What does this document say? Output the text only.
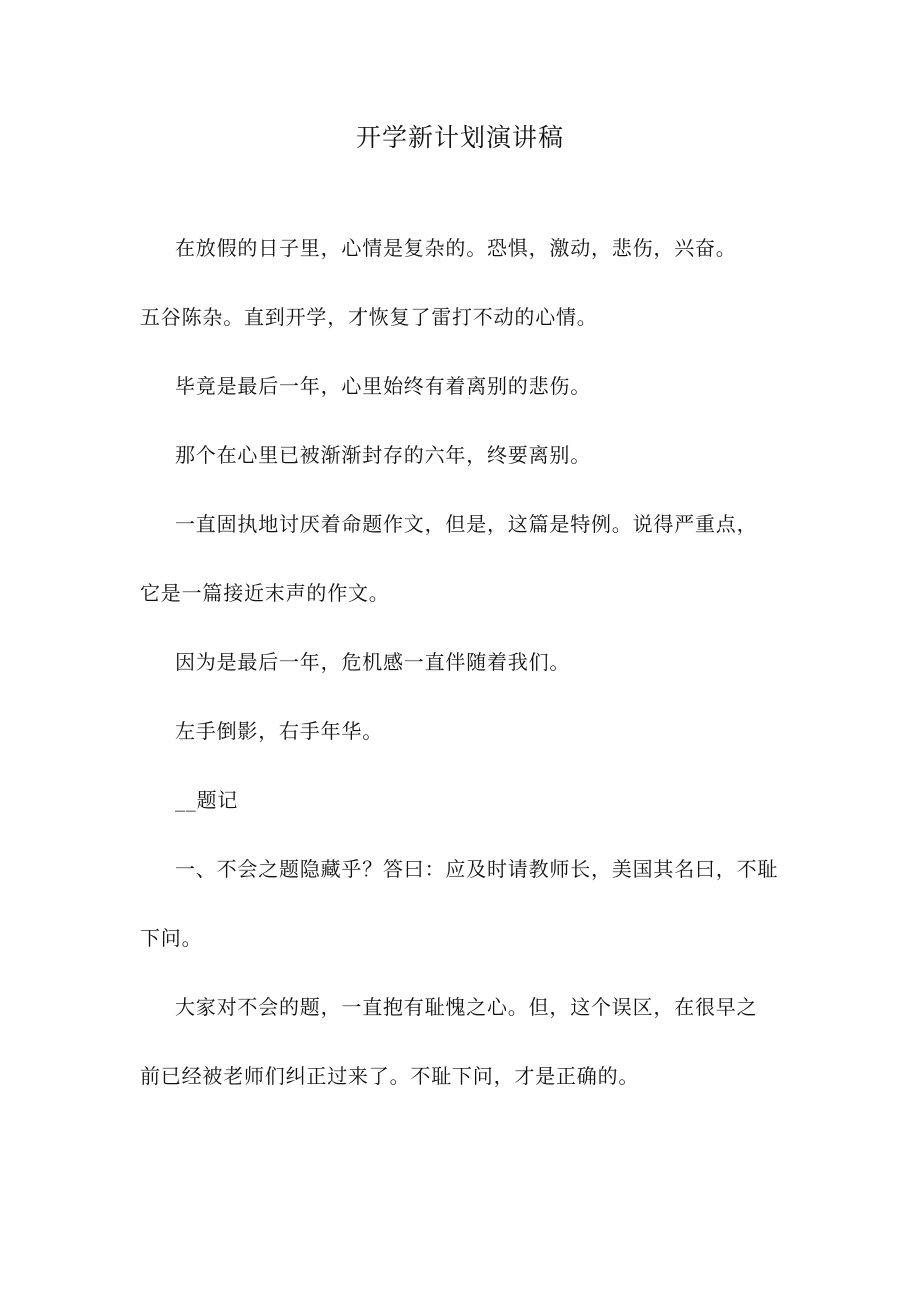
开学新计划演讲稿
在放假的日子里，心情是复杂的。恐惧，激动，悲伤，兴奋。
五谷陈杂。直到开学，才恢复了雷打不动的心情。
毕竟是最后一年，心里始终有着离别的悲伤。
那个在心里已被渐渐封存的六年，终要离别。
一直固执地讨厌着命题作文，但是，这篇是特例。说得严重点，
它是一篇接近末声的作文。
因为是最后一年，危机感一直伴随着我们。
左手倒影，右手年华。
__题记
一、不会之题隐藏乎？答曰：应及时请教师长，美国其名曰，不耻
下问。
大家对不会的题，一直抱有耻愧之心。但，这个误区，在很早之
前已经被老师们纠正过来了。不耻下问，才是正确的。
